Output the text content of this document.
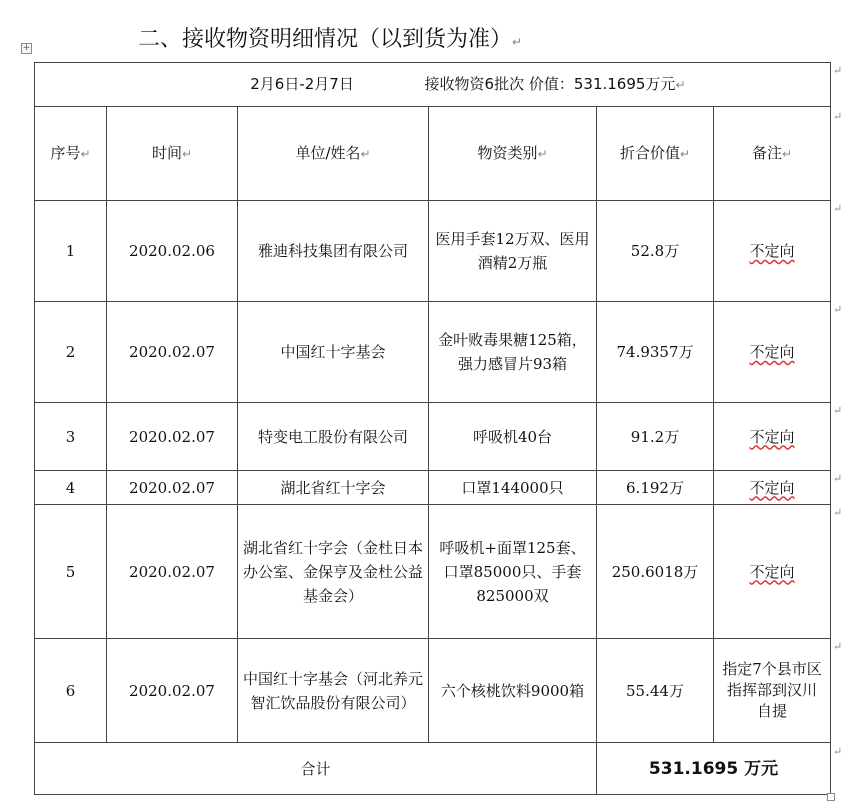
+	二、接收物资明细情况（以到货为准）↵
2月6日-2月7日 接收物资6批次 价值：531.1695万元↵					
序号↵	时间↵	单位/姓名↵	物资类别↵	折合价值↵	备注↵
1	2020.02.06	雅迪科技集团有限公司	医用手套12万双、医用酒精2万瓶	52.8万	不定向
2	2020.02.07	中国红十字基会	金叶败毒果糖125箱，强力感冒片93箱	74.9357万	不定向
3	2020.02.07	特变电工股份有限公司	呼吸机40台	91.2万	不定向
4	2020.02.07	湖北省红十字会	口罩144000只	6.192万	不定向
5	2020.02.07	湖北省红十字会（金杜日本办公室、金保亨及金杜公益基金会）	呼吸机+面罩125套、口罩85000只、手套825000双	250.6018万	不定向
6	2020.02.07	中国红十字基会（河北养元智汇饮品股份有限公司）	六个核桃饮料9000箱	55.44万	指定7个县市区指挥部到汉川自提
合计				531.1695 万元	
↵
↵
↵
↵
↵
↵
↵
↵
↵
